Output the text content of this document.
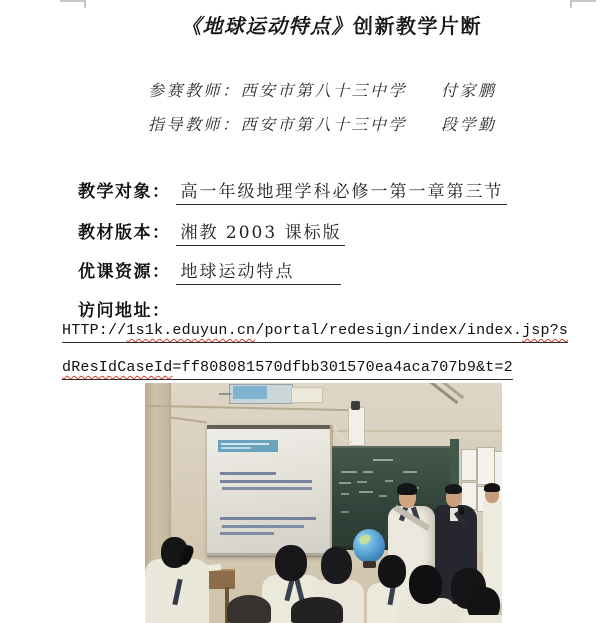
《地球运动特点》创新教学片断
参赛教师：西安市第八十三中学 付家鹏
指导教师：西安市第八十三中学 段学勤
教学对象： 高一年级地理学科必修一第一章第三节
教材版本： 湘教 2003 课标版
优课资源： 地球运动特点
访问地址：
HTTP://1s1k.eduyun.cn/portal/redesign/index/index.jsp?s
dResIdCaseId=ff808081570dfbb301570ea4aca707b9&t=2
